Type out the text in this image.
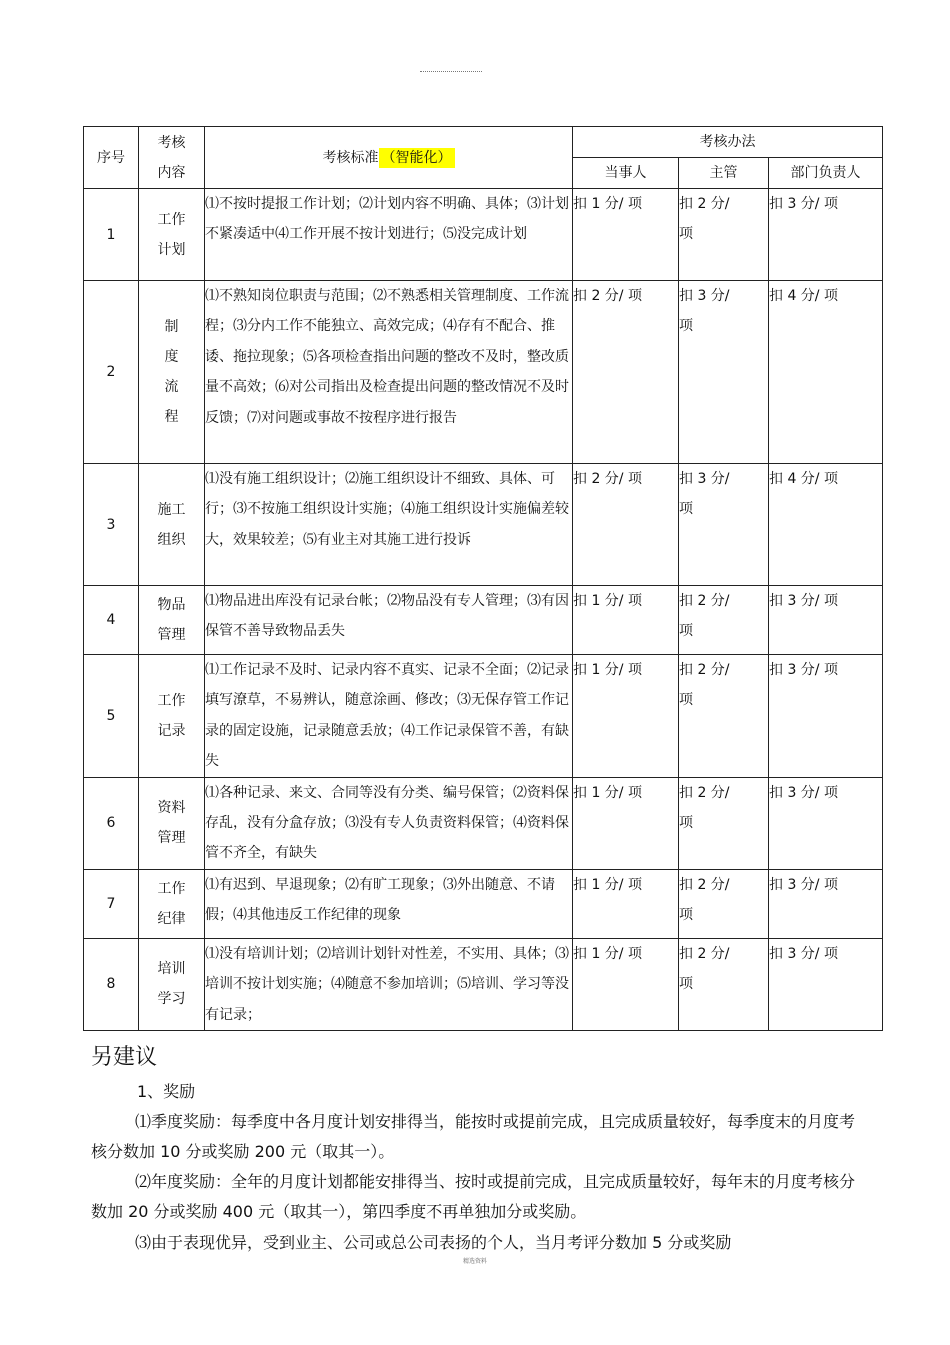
序号	考核内容	考核标准 （智能化）	考核办法		
			当事人	主管	部门负责人
1	工作计划	⑴不按时提报工作计划；⑵计划内容不明确、具体；⑶计划不紧凑适中⑷工作开展不按计划进行；⑸没完成计划	扣 1 分/ 项	扣 2 分/ 项	扣 3 分/ 项
2	制度流程	⑴不熟知岗位职责与范围；⑵不熟悉相关管理制度、工作流程；⑶分内工作不能独立、高效完成；⑷存有不配合、推诿、拖拉现象；⑸各项检查指出问题的整改不及时，整改质量不高效；⑹对公司指出及检查提出问题的整改情况不及时反馈；⑺对问题或事故不按程序进行报告	扣 2 分/ 项	扣 3 分/ 项	扣 4 分/ 项
3	施工组织	⑴没有施工组织设计；⑵施工组织设计不细致、具体、可行；⑶不按施工组织设计实施；⑷施工组织设计实施偏差较大，效果较差；⑸有业主对其施工进行投诉	扣 2 分/ 项	扣 3 分/ 项	扣 4 分/ 项
4	物品管理	⑴物品进出库没有记录台帐；⑵物品没有专人管理；⑶有因保管不善导致物品丢失	扣 1 分/ 项	扣 2 分/ 项	扣 3 分/ 项
5	工作记录	⑴工作记录不及时、记录内容不真实、记录不全面；⑵记录填写潦草，不易辨认，随意涂画、修改；⑶无保存管工作记录的固定设施，记录随意丢放；⑷工作记录保管不善，有缺失	扣 1 分/ 项	扣 2 分/ 项	扣 3 分/ 项
6	资料管理	⑴各种记录、来文、合同等没有分类、编号保管；⑵资料保存乱，没有分盒存放；⑶没有专人负责资料保管；⑷资料保管不齐全，有缺失	扣 1 分/ 项	扣 2 分/ 项	扣 3 分/ 项
7	工作纪律	⑴有迟到、早退现象；⑵有旷工现象；⑶外出随意、不请假；⑷其他违反工作纪律的现象	扣 1 分/ 项	扣 2 分/ 项	扣 3 分/ 项
8	培训学习	⑴没有培训计划；⑵培训计划针对性差，不实用、具体；⑶培训不按计划实施；⑷随意不参加培训；⑸培训、学习等没有记录；	扣 1 分/ 项	扣 2 分/ 项	扣 3 分/ 项
另建议
1、奖励
⑴季度奖励：每季度中各月度计划安排得当，能按时或提前完成，且完成质量较好，每季度末的月度考核分数加 10 分或奖励 200 元（取其一）。
⑵年度奖励：全年的月度计划都能安排得当、按时或提前完成，且完成质量较好，每年末的月度考核分数加 20 分或奖励 400 元（取其一），第四季度不再单独加分或奖励。
⑶由于表现优异，受到业主、公司或总公司表扬的个人，当月考评分数加 5 分或奖励
精选资料
